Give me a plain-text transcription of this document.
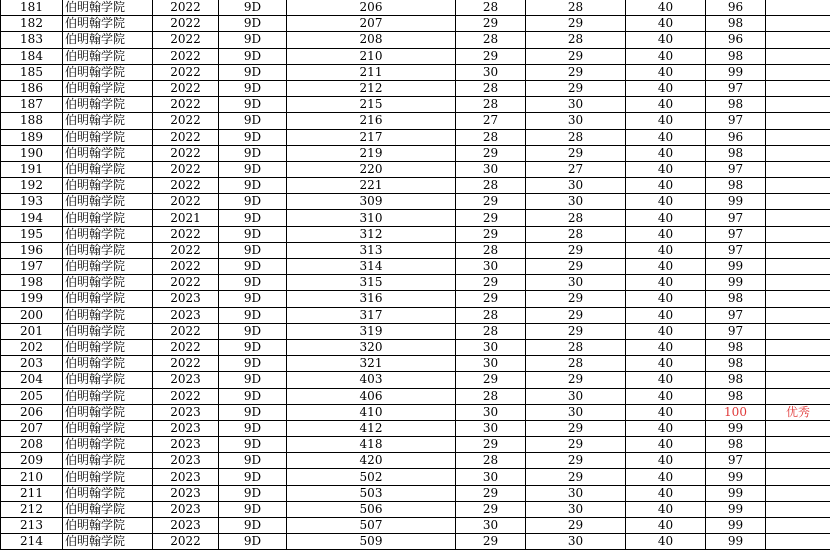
181	伯明翰学院	2022	9D	206	28	28	40	96	
182	伯明翰学院	2022	9D	207	29	29	40	98	
183	伯明翰学院	2022	9D	208	28	28	40	96	
184	伯明翰学院	2022	9D	210	29	29	40	98	
185	伯明翰学院	2022	9D	211	30	29	40	99	
186	伯明翰学院	2022	9D	212	28	29	40	97	
187	伯明翰学院	2022	9D	215	28	30	40	98	
188	伯明翰学院	2022	9D	216	27	30	40	97	
189	伯明翰学院	2022	9D	217	28	28	40	96	
190	伯明翰学院	2022	9D	219	29	29	40	98	
191	伯明翰学院	2022	9D	220	30	27	40	97	
192	伯明翰学院	2022	9D	221	28	30	40	98	
193	伯明翰学院	2022	9D	309	29	30	40	99	
194	伯明翰学院	2021	9D	310	29	28	40	97	
195	伯明翰学院	2022	9D	312	29	28	40	97	
196	伯明翰学院	2022	9D	313	28	29	40	97	
197	伯明翰学院	2022	9D	314	30	29	40	99	
198	伯明翰学院	2022	9D	315	29	30	40	99	
199	伯明翰学院	2023	9D	316	29	29	40	98	
200	伯明翰学院	2023	9D	317	28	29	40	97	
201	伯明翰学院	2022	9D	319	28	29	40	97	
202	伯明翰学院	2022	9D	320	30	28	40	98	
203	伯明翰学院	2022	9D	321	30	28	40	98	
204	伯明翰学院	2023	9D	403	29	29	40	98	
205	伯明翰学院	2022	9D	406	28	30	40	98	
206	伯明翰学院	2023	9D	410	30	30	40	100	优秀
207	伯明翰学院	2023	9D	412	30	29	40	99	
208	伯明翰学院	2023	9D	418	29	29	40	98	
209	伯明翰学院	2023	9D	420	28	29	40	97	
210	伯明翰学院	2023	9D	502	30	29	40	99	
211	伯明翰学院	2023	9D	503	29	30	40	99	
212	伯明翰学院	2023	9D	506	29	30	40	99	
213	伯明翰学院	2023	9D	507	30	29	40	99	
214	伯明翰学院	2022	9D	509	29	30	40	99	
